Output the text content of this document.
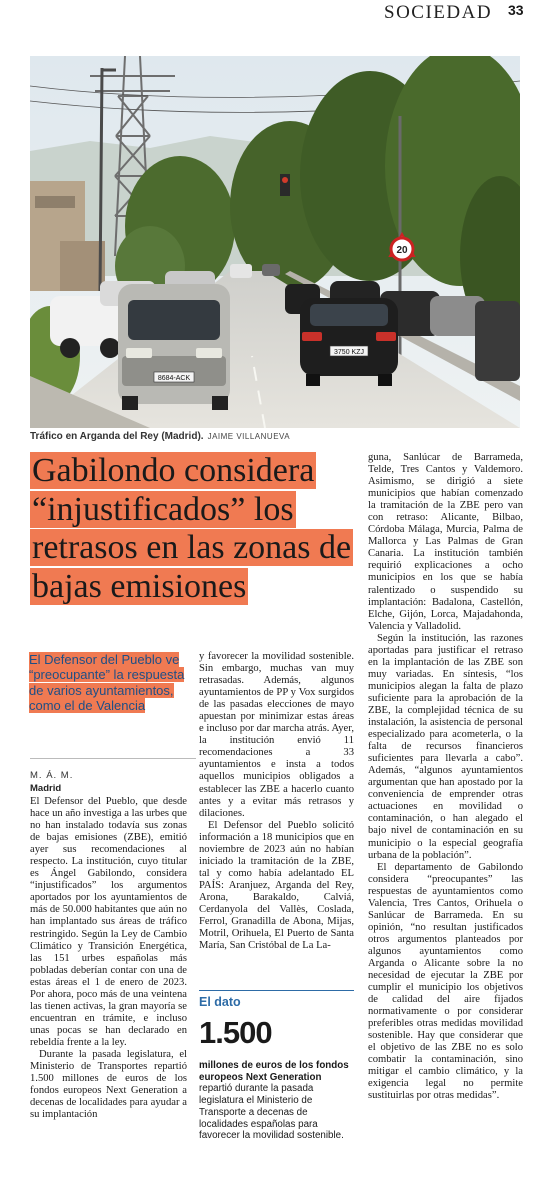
SOCIEDAD 33
20
8684-ACK
3750 KZJ
Tráfico en Arganda del Rey (Madrid). JAIME VILLANUEVA
Gabilondo considera “injustificados” los retrasos en las zonas de bajas emisiones
El Defensor del Pueblo ve “preocupante” la respuesta de varios ayuntamientos, como el de Valencia
M. Á. M.
Madrid

El Defensor del Pueblo, que desde hace un año investiga a las urbes que no han instalado todavía sus zonas de bajas emisiones (ZBE), emitió ayer sus recomendaciones al respecto. La institución, cuyo titular es Ángel Gabilondo, considera “injustificados” los argumentos aportados por los ayuntamientos de más de 50.000 habitantes que aún no han implantado sus áreas de tráfico restringido. Según la Ley de Cambio Climático y Transición Energética, las 151 urbes españolas más pobladas deberían contar con una de estas áreas el 1 de enero de 2023. Por ahora, poco más de una veintena las tienen activas, la gran mayoría se encuentran en trámite, e incluso unas pocas se han declarado en rebeldía frente a la ley.

Durante la pasada legislatura, el Ministerio de Transportes repartió 1.500 millones de euros de los fondos europeos Next Generation a decenas de localidades para ayudar a su implantación

y favorecer la movilidad sostenible. Sin embargo, muchas van muy retrasadas. Además, algunos ayuntamientos de PP y Vox surgidos de las pasadas elecciones de mayo apuestan por minimizar estas áreas e incluso por dar marcha atrás. Ayer, la institución envió 11 recomendaciones a 33 ayuntamientos e insta a todos aquellos municipios obligados a establecer las ZBE a hacerlo cuanto antes y a evitar más retrasos y dilaciones.

El Defensor del Pueblo solicitó información a 18 municipios que en noviembre de 2023 aún no habían iniciado la tramitación de la ZBE, tal y como había adelantado EL PAÍS: Aranjuez, Arganda del Rey, Arona, Barakaldo, Calviá, Cerdanyola del Vallès, Coslada, Ferrol, Granadilla de Abona, Mijas, Motril, Orihuela, El Puerto de Santa María, San Cristóbal de La La-

El dato
1.500
millones de euros de los fondos europeos Next Generation repartió durante la pasada legislatura el Ministerio de Transporte a decenas de localidades españolas para favorecer la movilidad sostenible.

guna, Sanlúcar de Barrameda, Telde, Tres Cantos y Valdemoro. Asimismo, se dirigió a siete municipios que habían comenzado la tramitación de la ZBE pero van con retraso: Alicante, Bilbao, Córdoba Málaga, Murcia, Palma de Mallorca y Las Palmas de Gran Canaria. La institución también requirió explicaciones a ocho municipios en los que se había ralentizado o suspendido su implantación: Badalona, Castellón, Elche, Gijón, Lorca, Majadahonda, Valencia y Valladolid.

Según la institución, las razones aportadas para justificar el retraso en la implantación de las ZBE son muy variadas. En síntesis, “los municipios alegan la falta de plazo suficiente para la aprobación de la ZBE, la complejidad técnica de su instalación, la asistencia de personal especializado para acometerla, o la falta de recursos financieros suficientes para llevarla a cabo”. Además, “algunos ayuntamientos argumentan que han apostado por la conveniencia de emprender otras actuaciones en movilidad o contaminación, o han alegado el bajo nivel de contaminación en su municipio o la especial geografía urbana de la población”.

El departamento de Gabilondo considera “preocupantes” las respuestas de ayuntamientos como Valencia, Tres Cantos, Orihuela o Sanlúcar de Barrameda. En su opinión, “no resultan justificados otros argumentos planteados por algunos ayuntamientos como Arganda o Alicante sobre la no necesidad de ejecutar la ZBE por cumplir el municipio los objetivos de calidad del aire fijados normativamente o por considerar preferibles otras medidas movilidad sostenible. Hay que considerar que el objetivo de las ZBE no es solo combatir la contaminación, sino mitigar el cambio climático, y la exigencia legal no permite sustituirlas por otras medidas”.
